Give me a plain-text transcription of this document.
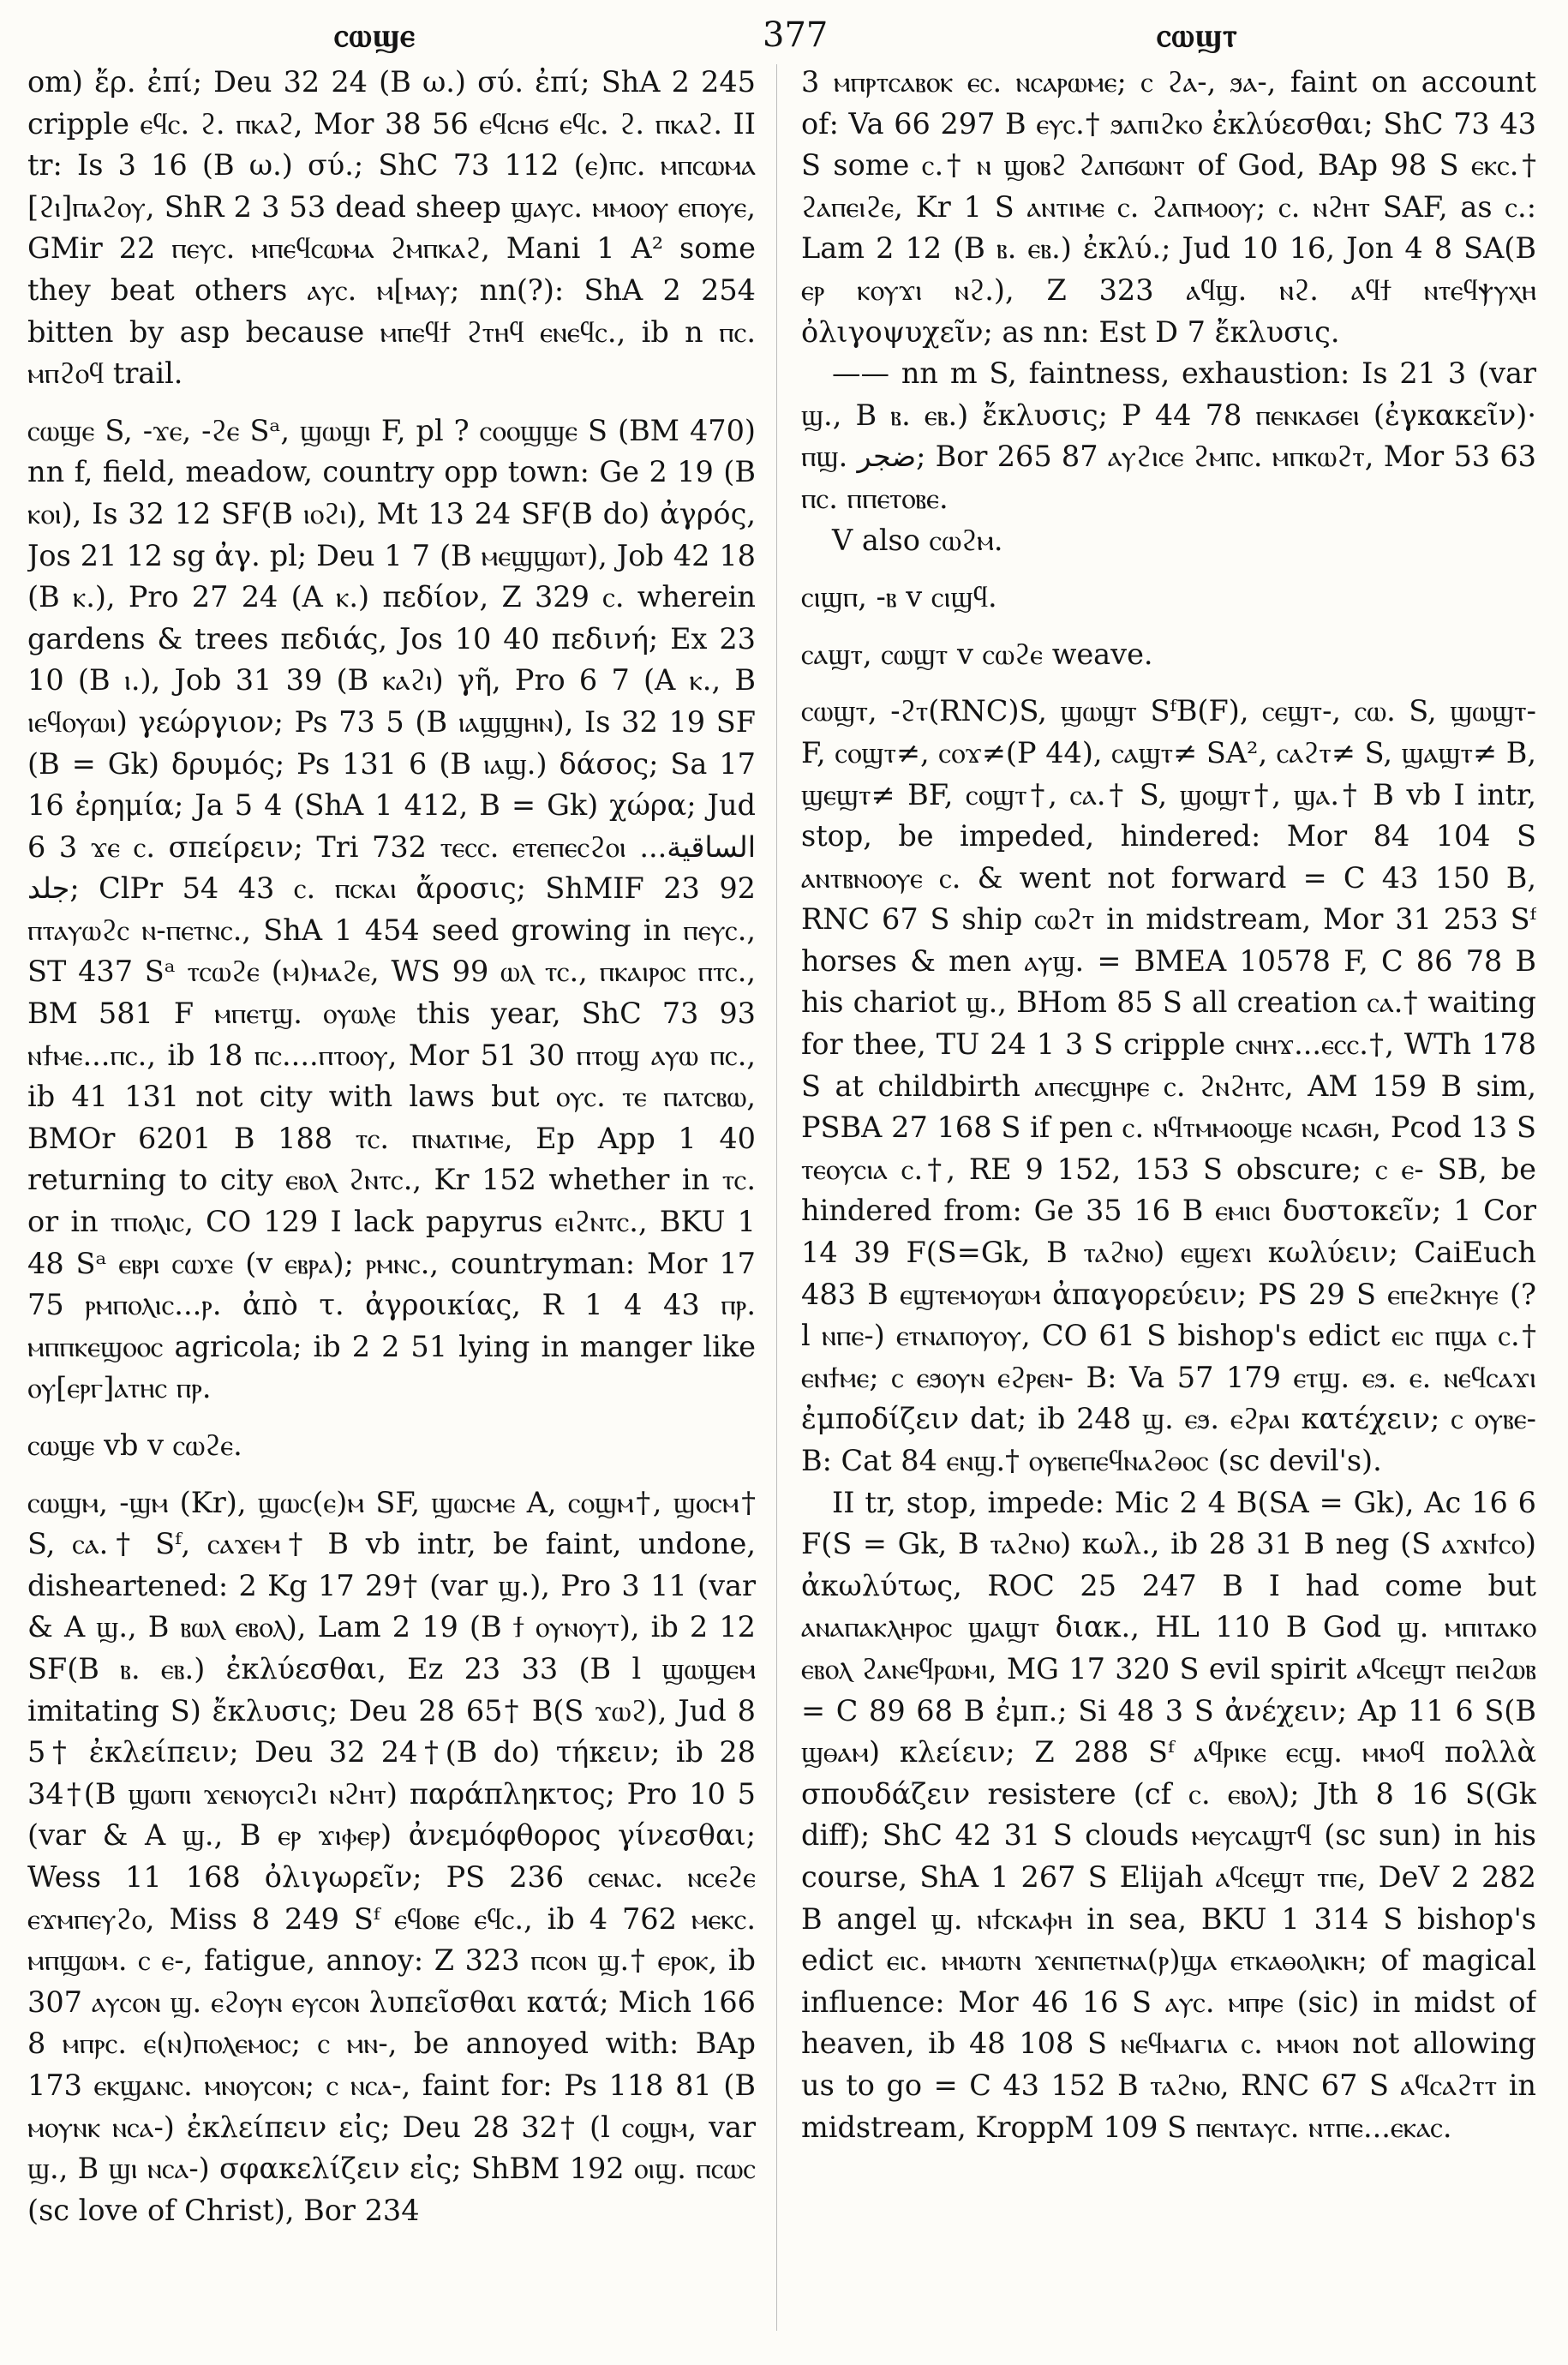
ⲥⲱϣⲉ	377	ⲥⲱϣⲧ

om) ἔρ. ἐπί; Deu 32 24 (B ω.) σύ. ἐπί; ShA 2 245 cripple ⲉϥⲥ. ϩ. ⲡⲕⲁϩ, Mor 38 56 ⲉϥⲥⲏϭ ⲉϥⲥ. ϩ. ⲡⲕⲁϩ. II tr: Is 3 16 (B ω.) σύ.; ShC 73 112 (ⲉ)ⲡⲥ. ⲙⲡⲥⲱⲙⲁ [ϩⲓ]ⲡⲁϩⲟⲩ, ShR 2 3 53 dead sheep ϣⲁⲩⲥ. ⲙⲙⲟⲟⲩ ⲉⲡⲟⲩⲉ, GMir 22 ⲡⲉⲩⲥ. ⲙⲡⲉϥⲥⲱⲙⲁ ϩⲙⲡⲕⲁϩ, Mani 1 A² some they beat others ⲁⲩⲥ. ⲙ[ⲙⲁⲩ; nn(?): ShA 2 254 bitten by asp because ⲙⲡⲉϥϯ ϩⲧⲏϥ ⲉⲛⲉϥⲥ., ib n ⲡⲥ. ⲙⲡϩⲟϥ trail.

ⲥⲱϣⲉ S, -ϫⲉ, -ϩⲉ Sᵃ, ϣⲱϣⲓ F, pl ? ⲥⲟⲟϣϣⲉ S (BM 470) nn f, field, meadow, country opp town: Ge 2 19 (B ⲕⲟⲓ), Is 32 12 SF(B ⲓⲟϩⲓ), Mt 13 24 SF(B do) ἀγρός, Jos 21 12 sg ἀγ. pl; Deu 1 7 (B ⲙⲉϣϣⲱⲧ), Job 42 18 (B ⲕ.), Pro 27 24 (A ⲕ.) πεδίον, Z 329 ⲥ. wherein gardens & trees πεδιάς, Jos 10 40 πεδινή; Ex 23 10 (B ⲓ.), Job 31 39 (B ⲕⲁϩⲓ) γῆ, Pro 6 7 (A ⲕ., B ⲓⲉϥⲟⲩⲱⲓ) γεώργιον; Ps 73 5 (B ⲓⲁϣϣⲏⲛ), Is 32 19 SF (B = Gk) δρυμός; Ps 131 6 (B ⲓⲁϣ.) δάσος; Sa 17 16 ἐρημία; Ja 5 4 (ShA 1 412, B = Gk) χώρα; Jud 6 3 ϫⲉ ⲥ. σπείρειν; Tri 732 ⲧⲉⲥⲥ. ⲉⲧⲉⲡⲉⲥϩⲟⲓ الساقية... جلد; ClPr 54 43 ⲥ. ⲡⲥⲕⲁⲓ ἄροσις; ShMIF 23 92 ⲡⲧⲁⲩⲱϩⲥ ⲛ-ⲡⲉⲧⲛⲥ., ShA 1 454 seed growing in ⲡⲉⲩⲥ., ST 437 Sᵃ ⲧⲥⲱϩⲉ (ⲙ)ⲙⲁϩⲉ, WS 99 ⲱⲗ ⲧⲥ., ⲡⲕⲁⲓⲣⲟⲥ ⲡⲧⲥ., BM 581 F ⲙⲡⲉⲧϣ. ⲟⲩⲱⲗⲉ this year, ShC 73 93 ⲛϯⲙⲉ...ⲡⲥ., ib 18 ⲡⲥ....ⲡⲧⲟⲟⲩ, Mor 51 30 ⲡⲧⲟϣ ⲁⲩⲱ ⲡⲥ., ib 41 131 not city with laws but ⲟⲩⲥ. ⲧⲉ ⲡⲁⲧⲥⲃⲱ, BMOr 6201 B 188 ⲧⲥ. ⲡⲛⲁⲧⲓⲙⲉ, Ep App 1 40 returning to city ⲉⲃⲟⲗ ϩⲛⲧⲥ., Kr 152 whether in ⲧⲥ. or in ⲧⲡⲟⲗⲓⲥ, CO 129 I lack papyrus ⲉⲓϩⲛⲧⲥ., BKU 1 48 Sᵃ ⲉⲃⲣⲓ ⲥⲱϫⲉ (v ⲉⲃⲣⲁ); ⲣⲙⲛⲥ., countryman: Mor 17 75 ⲣⲙⲡⲟⲗⲓⲥ...ⲣ. ἀπὸ τ. ἀγροικίας, R 1 4 43 ⲡⲣ. ⲙⲡⲡⲕⲉϣⲟⲟⲥ agricola; ib 2 2 51 lying in manger like ⲟⲩ[ⲉⲣⲅ]ⲁⲧⲏⲥ ⲡⲣ.

ⲥⲱϣⲉ vb v ⲥⲱϩⲉ.

ⲥⲱϣⲙ, -ϣⲙ (Kr), ϣⲱⲥ(ⲉ)ⲙ SF, ϣⲱⲥⲙⲉ A, ⲥⲟϣⲙ†, ϣⲟⲥⲙ† S, ⲥⲁ.† Sᶠ, ⲥⲁϫⲉⲙ† B vb intr, be faint, undone, disheartened: 2 Kg 17 29† (var ϣ.), Pro 3 11 (var & A ϣ., B ⲃⲱⲗ ⲉⲃⲟⲗ), Lam 2 19 (B ϯ ⲟⲩⲛⲟⲩⲧ), ib 2 12 SF(B ⲃ. ⲉⲃ.) ἐκλύεσθαι, Ez 23 33 (B l ϣⲱϣⲉⲙ imitating S) ἔκλυσις; Deu 28 65† B(S ϫⲱϩ), Jud 8 5† ἐκλείπειν; Deu 32 24†(B do) τήκειν; ib 28 34†(B ϣⲱⲡⲓ ϫⲉⲛⲟⲩⲥⲓϩⲓ ⲛϩⲏⲧ) παράπληκτος; Pro 10 5 (var & A ϣ., B ⲉⲣ ϫⲓⲫⲉⲣ) ἀνεμόφθορος γίνεσθαι; Wess 11 168 ὀλιγωρεῖν; PS 236 ⲥⲉⲛⲁⲥ. ⲛⲥⲉϩⲉ ⲉϫⲙⲡⲉⲩϩⲟ, Miss 8 249 Sᶠ ⲉϥⲟⲃⲉ ⲉϥⲥ., ib 4 762 ⲙⲉⲕⲥ. ⲙⲡϣⲱⲙ. ⲥ ⲉ-, fatigue, annoy: Z 323 ⲡⲥⲟⲛ ϣ.† ⲉⲣⲟⲕ, ib 307 ⲁⲩⲥⲟⲛ ϣ. ⲉϩⲟⲩⲛ ⲉⲩⲥⲟⲛ λυπεῖσθαι κατά; Mich 166 8 ⲙⲡⲣⲥ. ⲉ(ⲛ)ⲡⲟⲗⲉⲙⲟⲥ; ⲥ ⲙⲛ-, be annoyed with: BAp 173 ⲉⲕϣⲁⲛⲥ. ⲙⲛⲟⲩⲥⲟⲛ; ⲥ ⲛⲥⲁ-, faint for: Ps 118 81 (B ⲙⲟⲩⲛⲕ ⲛⲥⲁ-) ἐκλείπειν εἰς; Deu 28 32† (l ⲥⲟϣⲙ, var ϣ., B ϣⲓ ⲛⲥⲁ-) σφακελίζειν εἰς; ShBM 192 ⲟⲓϣ. ⲡⲥⲱⲥ (sc love of Christ), Bor 234

3 ⲙⲡⲣⲧⲥⲁⲃⲟⲕ ⲉⲥ. ⲛⲥⲁⲣⲱⲙⲉ; ⲥ ϩⲁ-, ϧⲁ-, faint on account of: Va 66 297 B ⲉⲩⲥ.† ϧⲁⲡⲓϩⲕⲟ ἐκλύεσθαι; ShC 73 43 S some ⲥ.† ⲛ ϣⲟⲃϩ ϩⲁⲡϭⲱⲛⲧ of God, BAp 98 S ⲉⲕⲥ.† ϩⲁⲡⲉⲓϩⲉ, Kr 1 S ⲁⲛⲧⲓⲙⲉ ⲥ. ϩⲁⲡⲙⲟⲟⲩ; ⲥ. ⲛϩⲏⲧ SAF, as ⲥ.: Lam 2 12 (B ⲃ. ⲉⲃ.) ἐκλύ.; Jud 10 16, Jon 4 8 SA(B ⲉⲣ ⲕⲟⲩϫⲓ ⲛϩ.), Z 323 ⲁϥϣ. ⲛϩ. ⲁϥϯ ⲛⲧⲉϥⲯⲩⲭⲏ ὀλιγοψυχεῖν; as nn: Est D 7 ἔκλυσις.

—— nn m S, faintness, exhaustion: Is 21 3 (var ϣ., B ⲃ. ⲉⲃ.) ἔκλυσις; P 44 78 ⲡⲉⲛⲕⲁϭⲉⲓ (ἐγκακεῖν)· ⲡϣ. ضجر; Bor 265 87 ⲁⲩϩⲓⲥⲉ ϩⲙⲡⲥ. ⲙⲡⲕⲱϩⲧ, Mor 53 63 ⲡⲥ. ⲡⲡⲉⲧⲟⲃⲉ.

V also ⲥⲱϩⲙ.

ⲥⲓϣⲡ, -ⲃ v ⲥⲓϣϥ.

ⲥⲁϣⲧ, ⲥⲱϣⲧ v ⲥⲱϩⲉ weave.

ⲥⲱϣⲧ, -ϩⲧ(RNC)S, ϣⲱϣⲧ SᶠB(F), ⲥⲉϣⲧ-, ⲥⲱ. S, ϣⲱϣⲧ- F, ⲥⲟϣⲧ≠, ⲥⲟϫ≠(P 44), ⲥⲁϣⲧ≠ SA², ⲥⲁϩⲧ≠ S, ϣⲁϣⲧ≠ B, ϣⲉϣⲧ≠ BF, ⲥⲟϣⲧ†, ⲥⲁ.† S, ϣⲟϣⲧ†, ϣⲁ.† B vb I intr, stop, be impeded, hindered: Mor 84 104 S ⲁⲛⲧⲃⲛⲟⲟⲩⲉ ⲥ. & went not forward = C 43 150 B, RNC 67 S ship ⲥⲱϩⲧ in midstream, Mor 31 253 Sᶠ horses & men ⲁⲩϣ. = BMEA 10578 F, C 86 78 B his chariot ϣ., BHom 85 S all creation ⲥⲁ.† waiting for thee, TU 24 1 3 S cripple ⲥⲛⲏϫ...ⲉⲥⲥ.†, WTh 178 S at childbirth ⲁⲡⲉⲥϣⲏⲣⲉ ⲥ. ϩⲛϩⲏⲧⲥ, AM 159 B sim, PSBA 27 168 S if pen ⲥ. ⲛϥⲧⲙⲙⲟⲟϣⲉ ⲛⲥⲁϭⲏ, Pcod 13 S ⲧⲉⲟⲩⲥⲓⲁ ⲥ.†, RE 9 152, 153 S obscure; ⲥ ⲉ- SB, be hindered from: Ge 35 16 B ⲉⲙⲓⲥⲓ δυστοκεῖν; 1 Cor 14 39 F(S=Gk, B ⲧⲁϩⲛⲟ) ⲉϣⲉϫⲓ κωλύειν; CaiEuch 483 B ⲉϣⲧⲉⲙⲟⲩⲱⲙ ἀπαγορεύειν; PS 29 S ⲉⲡⲉϩⲕⲏⲩⲉ (? l ⲛⲡⲉ-) ⲉⲧⲛⲁⲡⲟⲩⲟⲩ, CO 61 S bishop's edict ⲉⲓⲥ ⲡϣⲁ ⲥ.† ⲉⲛϯⲙⲉ; ⲥ ⲉϧⲟⲩⲛ ⲉϩⲣⲉⲛ- B: Va 57 179 ⲉⲧϣ. ⲉϧ. ⲉ. ⲛⲉϥⲥⲁϫⲓ ἐμποδίζειν dat; ib 248 ϣ. ⲉϧ. ⲉϩⲣⲁⲓ κατέχειν; ⲥ ⲟⲩⲃⲉ- B: Cat 84 ⲉⲛϣ.† ⲟⲩⲃⲉⲡⲉϥⲛⲁϩⲑⲟⲥ (sc devil's).

II tr, stop, impede: Mic 2 4 B(SA = Gk), Ac 16 6 F(S = Gk, B ⲧⲁϩⲛⲟ) κωλ., ib 28 31 B neg (S ⲁϫⲛϯⲥⲟ) ἀκωλύτως, ROC 25 247 B I had come but ⲁⲛⲁⲡⲁⲕⲗⲏⲣⲟⲥ ϣⲁϣⲧ διακ., HL 110 B God ϣ. ⲙⲡⲓⲧⲁⲕⲟ ⲉⲃⲟⲗ ϩⲁⲛⲉϥⲣⲱⲙⲓ, MG 17 320 S evil spirit ⲁϥⲥⲉϣⲧ ⲡⲉⲓϩⲱⲃ = C 89 68 B ἐμπ.; Si 48 3 S ἀνέχειν; Ap 11 6 S(B ϣⲑⲁⲙ) κλείειν; Z 288 Sᶠ ⲁϥⲣⲓⲕⲉ ⲉⲥϣ. ⲙⲙⲟϥ πολλὰ σπουδάζειν resistere (cf ⲥ. ⲉⲃⲟⲗ); Jth 8 16 S(Gk diff); ShC 42 31 S clouds ⲙⲉⲩⲥⲁϣⲧϥ (sc sun) in his course, ShA 1 267 S Elijah ⲁϥⲥⲉϣⲧ ⲧⲡⲉ, DeV 2 282 B angel ϣ. ⲛϯⲥⲕⲁⲫⲏ in sea, BKU 1 314 S bishop's edict ⲉⲓⲥ. ⲙⲙⲱⲧⲛ ϫⲉⲛⲡⲉⲧⲛⲁ(ⲣ)ϣⲁ ⲉⲧⲕⲁⲑⲟⲗⲓⲕⲏ; of magical influence: Mor 46 16 S ⲁⲩⲥ. ⲙⲡⲣⲉ (sic) in midst of heaven, ib 48 108 S ⲛⲉϥⲙⲁⲅⲓⲁ ⲥ. ⲙⲙⲟⲛ not allowing us to go = C 43 152 B ⲧⲁϩⲛⲟ, RNC 67 S ⲁϥⲥⲁϩⲧⲧ in midstream, KroppM 109 S ⲡⲉⲛⲧⲁⲩⲥ. ⲛⲧⲡⲉ...ⲉⲕⲁⲥ.
